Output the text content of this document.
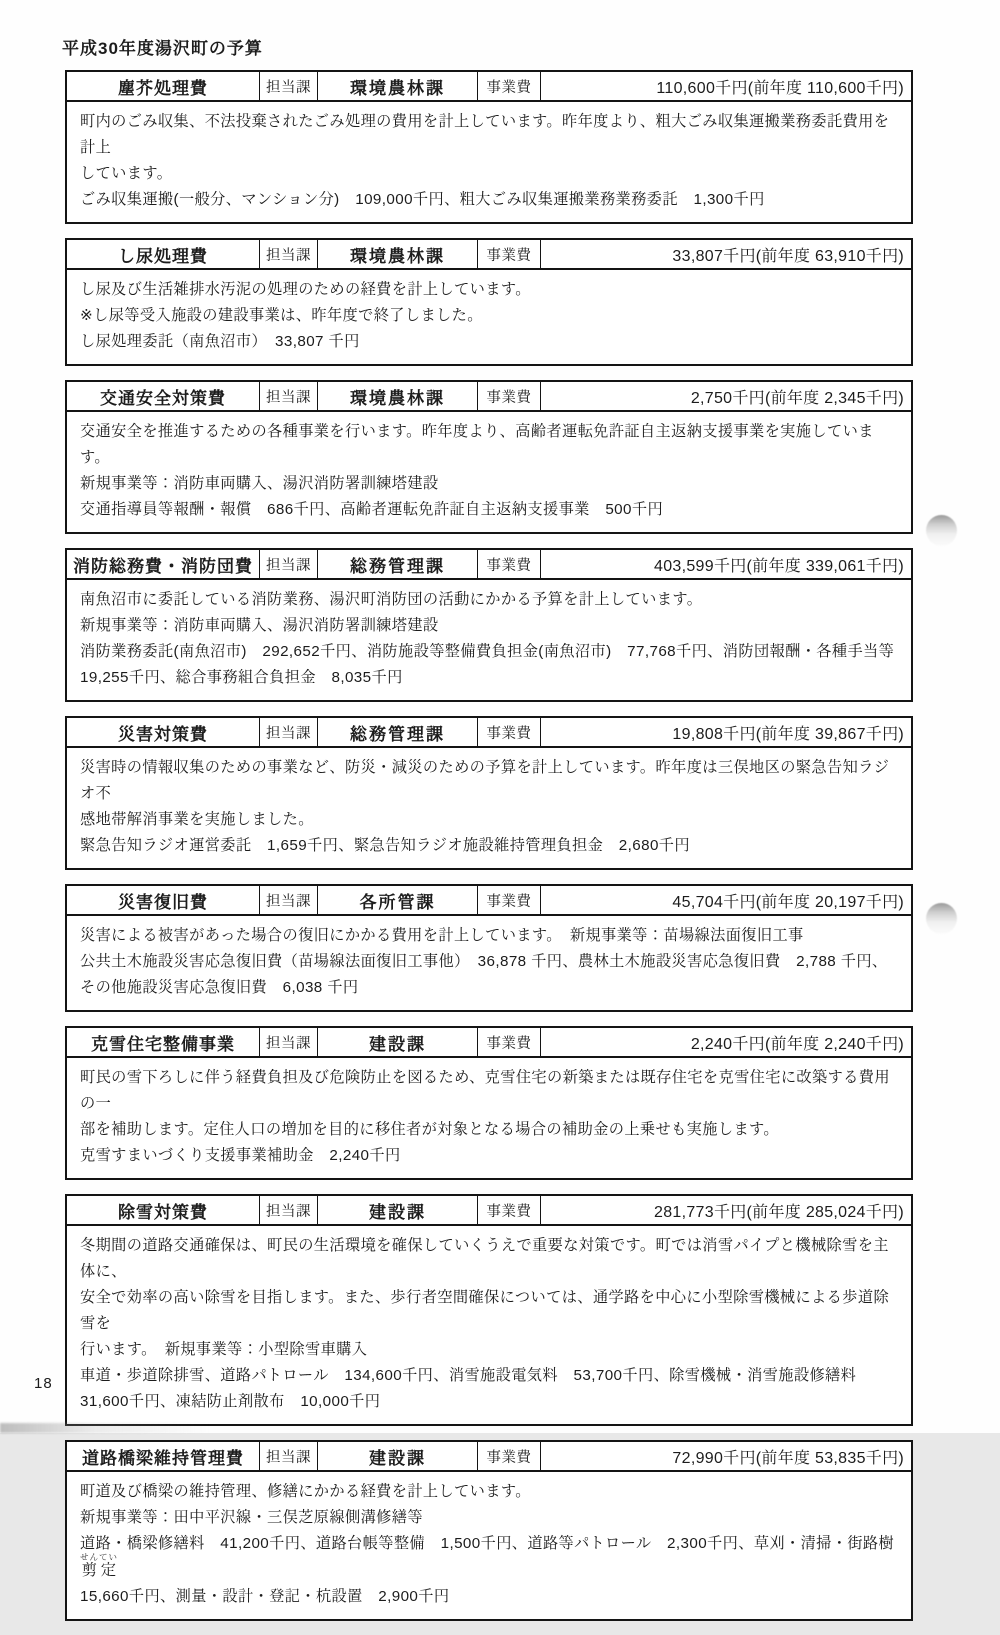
平成30年度湯沢町の予算
塵芥処理費	担当課	環境農林課	事業費	110,600千円(前年度 110,600千円)
町内のごみ収集、不法投棄されたごみ処理の費用を計上しています。昨年度より、粗大ごみ収集運搬業務委託費用を計上
しています。
ごみ収集運搬(一般分、マンション分)　109,000千円、粗大ごみ収集運搬業務業務委託　1,300千円
し尿処理費	担当課	環境農林課	事業費	33,807千円(前年度 63,910千円)
し尿及び生活雑排水汚泥の処理のための経費を計上しています。
※し尿等受入施設の建設事業は、昨年度で終了しました。
し尿処理委託（南魚沼市）　33,807 千円
交通安全対策費	担当課	環境農林課	事業費	2,750千円(前年度 2,345千円)
交通安全を推進するための各種事業を行います。昨年度より、高齢者運転免許証自主返納支援事業を実施しています。
新規事業等：消防車両購入、湯沢消防署訓練塔建設
交通指導員等報酬・報償　686千円、高齢者運転免許証自主返納支援事業　500千円
消防総務費・消防団費 担当課	総務管理課	事業費	403,599千円(前年度 339,061千円)
南魚沼市に委託している消防業務、湯沢町消防団の活動にかかる予算を計上しています。
新規事業等：消防車両購入、湯沢消防署訓練塔建設
消防業務委託(南魚沼市)　292,652千円、消防施設等整備費負担金(南魚沼市)　77,768千円、消防団報酬・各種手当等
19,255千円、総合事務組合負担金　8,035千円
災害対策費	担当課	総務管理課	事業費	19,808千円(前年度 39,867千円)
災害時の情報収集のための事業など、防災・減災のための予算を計上しています。昨年度は三俣地区の緊急告知ラジオ不
感地帯解消事業を実施しました。
緊急告知ラジオ運営委託　1,659千円、緊急告知ラジオ施設維持管理負担金　2,680千円
災害復旧費	担当課	各所管課	事業費	45,704千円(前年度 20,197千円)
災害による被害があった場合の復旧にかかる費用を計上しています。　新規事業等：苗場線法面復旧工事
公共土木施設災害応急復旧費（苗場線法面復旧工事他）　36,878 千円、農林土木施設災害応急復旧費　2,788 千円、
その他施設災害応急復旧費　6,038 千円
克雪住宅整備事業	担当課	建設課	事業費	2,240千円(前年度 2,240千円)
町民の雪下ろしに伴う経費負担及び危険防止を図るため、克雪住宅の新築または既存住宅を克雪住宅に改築する費用の一
部を補助します。定住人口の増加を目的に移住者が対象となる場合の補助金の上乗せも実施します。
克雪すまいづくり支援事業補助金　2,240千円
除雪対策費	担当課	建設課	事業費	281,773千円(前年度 285,024千円)
冬期間の道路交通確保は、町民の生活環境を確保していくうえで重要な対策です。町では消雪パイプと機械除雪を主体に、
安全で効率の高い除雪を目指します。また、歩行者空間確保については、通学路を中心に小型除雪機械による歩道除雪を
行います。　新規事業等：小型除雪車購入
車道・歩道除排雪、道路パトロール　134,600千円、消雪施設電気料　53,700千円、除雪機械・消雪施設修繕料
31,600千円、凍結防止剤散布　10,000千円
道路橋梁維持管理費	担当課	建設課	事業費	72,990千円(前年度 53,835千円)
町道及び橋梁の維持管理、修繕にかかる経費を計上しています。
新規事業等：田中平沢線・三俣芝原線側溝修繕等
道路・橋梁修繕料　41,200千円、道路台帳等整備　1,500千円、道路等パトロール　2,300千円、草刈・清掃・街路樹剪定せんてい
15,660千円、測量・設計・登記・杭設置　2,900千円
18
